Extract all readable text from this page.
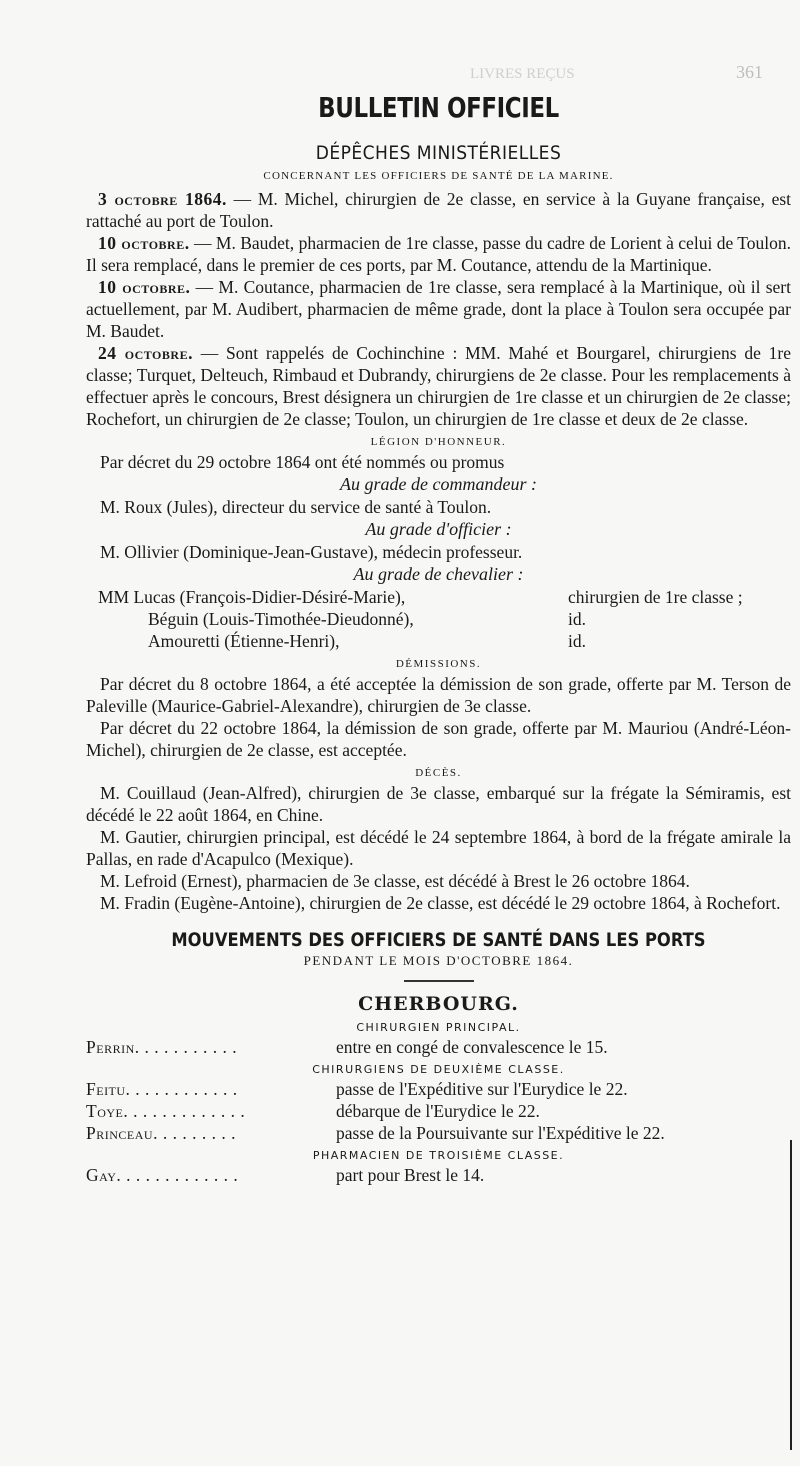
361
LIVRES REÇUS
BULLETIN OFFICIEL
DÉPÊCHES MINISTÉRIELLES
CONCERNANT LES OFFICIERS DE SANTÉ DE LA MARINE.

3 octobre 1864. — M. Michel, chirurgien de 2e classe, en service à la Guyane française, est rattaché au port de Toulon.

10 octobre. — M. Baudet, pharmacien de 1re classe, passe du cadre de Lorient à celui de Toulon. Il sera remplacé, dans le premier de ces ports, par M. Coutance, attendu de la Martinique.

10 octobre. — M. Coutance, pharmacien de 1re classe, sera remplacé à la Martinique, où il sert actuellement, par M. Audibert, pharmacien de même grade, dont la place à Toulon sera occupée par M. Baudet.

24 octobre. — Sont rappelés de Cochinchine : MM. Mahé et Bourgarel, chirurgiens de 1re classe; Turquet, Delteuch, Rimbaud et Dubrandy, chirurgiens de 2e classe. Pour les remplacements à effectuer après le concours, Brest désignera un chirurgien de 1re classe et un chirurgien de 2e classe; Rochefort, un chirurgien de 2e classe; Toulon, un chirurgien de 1re classe et deux de 2e classe.

LÉGION D'HONNEUR.

Par décret du 29 octobre 1864 ont été nommés ou promus

Au grade de commandeur :

M. Roux (Jules), directeur du service de santé à Toulon.

Au grade d'officier :

M. Ollivier (Dominique-Jean-Gustave), médecin professeur.

Au grade de chevalier :
MM Lucas (François-Didier-Désiré-Marie),	chirurgien de 1re classe ;
Béguin (Louis-Timothée-Dieudonné),	id.
Amouretti (Étienne-Henri),	id.
DÉMISSIONS.

Par décret du 8 octobre 1864, a été acceptée la démission de son grade, offerte par M. Terson de Paleville (Maurice-Gabriel-Alexandre), chirurgien de 3e classe.

Par décret du 22 octobre 1864, la démission de son grade, offerte par M. Mauriou (André-Léon-Michel), chirurgien de 2e classe, est acceptée.

DÉCÈS.

M. Couillaud (Jean-Alfred), chirurgien de 3e classe, embarqué sur la frégate la Sémiramis, est décédé le 22 août 1864, en Chine.

M. Gautier, chirurgien principal, est décédé le 24 septembre 1864, à bord de la frégate amirale la Pallas, en rade d'Acapulco (Mexique).

M. Lefroid (Ernest), pharmacien de 3e classe, est décédé à Brest le 26 octobre 1864.

M. Fradin (Eugène-Antoine), chirurgien de 2e classe, est décédé le 29 octobre 1864, à Rochefort.

MOUVEMENTS DES OFFICIERS DE SANTÉ DANS LES PORTS
PENDANT LE MOIS D'OCTOBRE 1864.
CHERBOURG.
CHIRURGIEN PRINCIPAL.
Perrin. . . . . . . . . . .	entre en congé de convalescence le 15.
CHIRURGIENS DE DEUXIÈME CLASSE.
Feitu. . . . . . . . . . . .	passe de l'Expéditive sur l'Eurydice le 22.
Toye. . . . . . . . . . . . .	débarque de l'Eurydice le 22.
Princeau. . . . . . . . .	passe de la Poursuivante sur l'Expéditive le 22.
PHARMACIEN DE TROISIÈME CLASSE.
Gay. . . . . . . . . . . . .	part pour Brest le 14.
